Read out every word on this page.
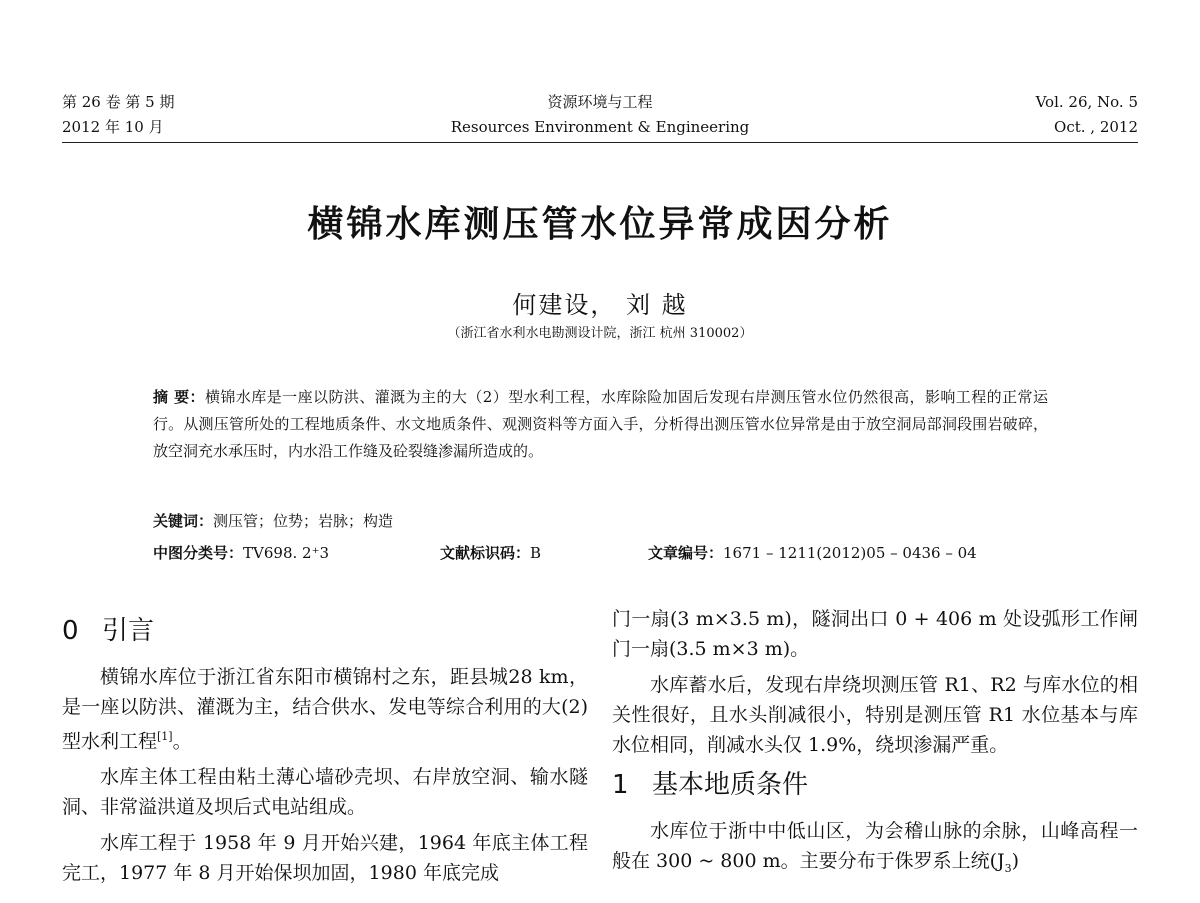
第 26 卷 第 5 期
2012 年 10 月
资源环境与工程
Resources Environment & Engineering
Vol. 26, No. 5
Oct. , 2012
横锦水库测压管水位异常成因分析
何建设， 刘 越
（浙江省水利水电勘测设计院，浙江 杭州 310002）
摘 要：横锦水库是一座以防洪、灌溉为主的大（2）型水利工程，水库除险加固后发现右岸测压管水位仍然很高，影响工程的正常运行。从测压管所处的工程地质条件、水文地质条件、观测资料等方面入手，分析得出测压管水位异常是由于放空洞局部洞段围岩破碎，放空洞充水承压时，内水沿工作缝及砼裂缝渗漏所造成的。
关键词：测压管；位势；岩脉；构造
中图分类号：TV698. 2⁺3	文献标识码：B	文章编号：1671 – 1211(2012)05 – 0436 – 04
0 引言
横锦水库位于浙江省东阳市横锦村之东，距县城28 km，是一座以防洪、灌溉为主，结合供水、发电等综合利用的大(2)型水利工程[1]。
水库主体工程由粘土薄心墙砂壳坝、右岸放空洞、输水隧洞、非常溢洪道及坝后式电站组成。
水库工程于 1958 年 9 月开始兴建，1964 年底主体工程完工，1977 年 8 月开始保坝加固，1980 年底完成
门一扇(3 m×3.5 m)，隧洞出口 0 + 406 m 处设弧形工作闸门一扇(3.5 m×3 m)。
水库蓄水后，发现右岸绕坝测压管 R1、R2 与库水位的相关性很好，且水头削减很小，特别是测压管 R1 水位基本与库水位相同，削减水头仅 1.9%，绕坝渗漏严重。
1 基本地质条件
水库位于浙中中低山区，为会稽山脉的余脉，山峰高程一般在 300 ~ 800 m。主要分布于侏罗系上统$(J_3)$
